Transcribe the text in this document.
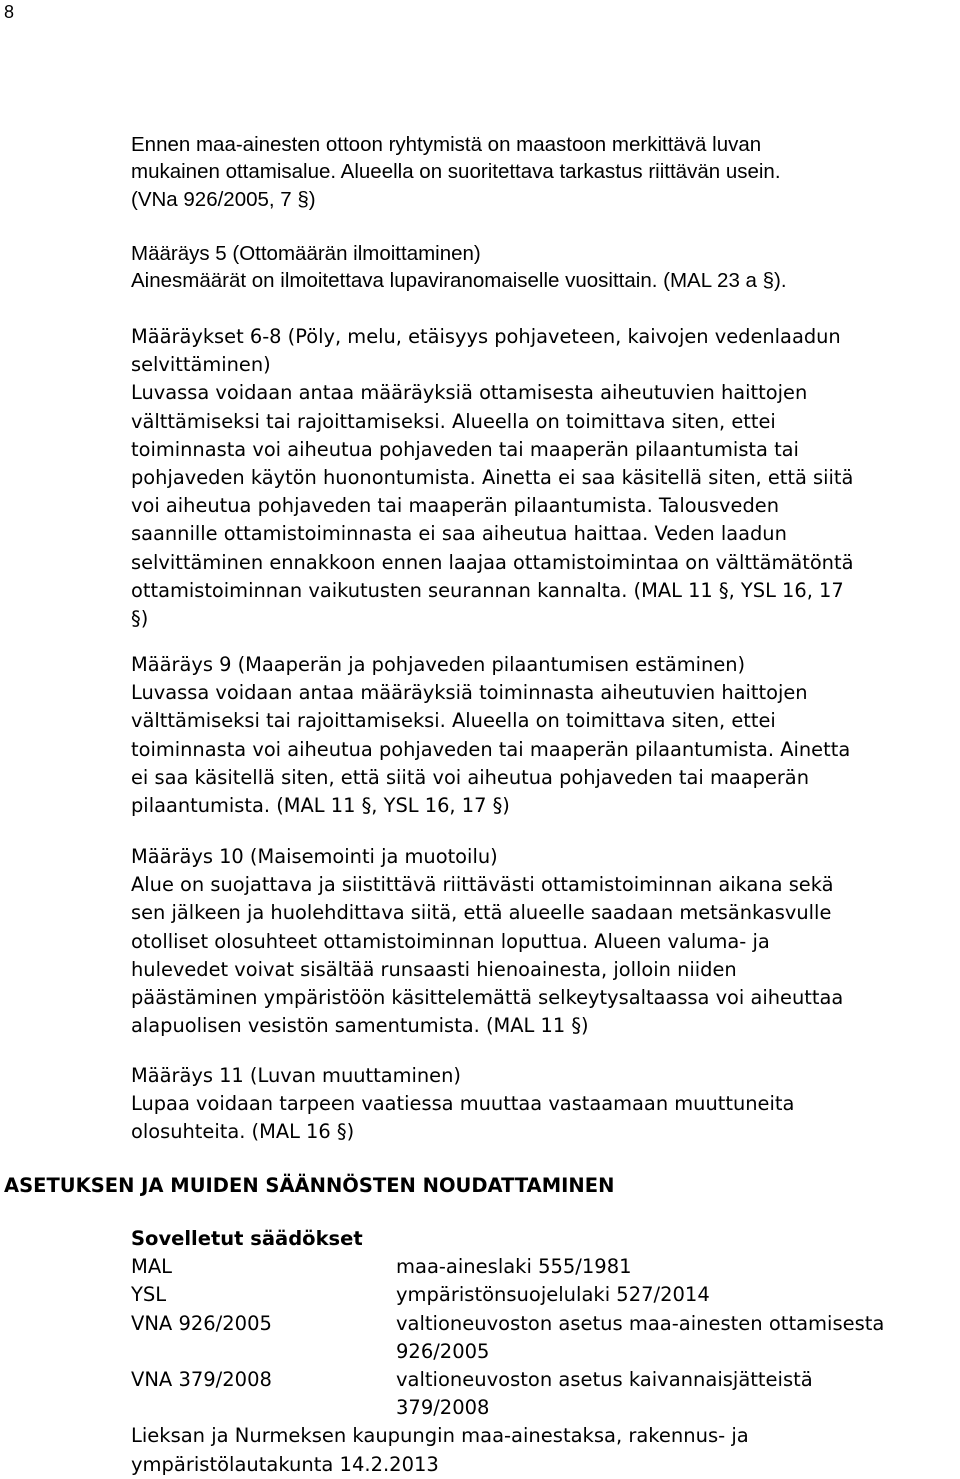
8
Ennen maa-ainesten ottoon ryhtymistä on maastoon merkittävä luvan
mukainen ottamisalue. Alueella on suoritettava tarkastus riittävän usein.
(VNa 926/2005, 7 §)
Määräys 5 (Ottomäärän ilmoittaminen)
Ainesmäärät on ilmoitettava lupaviranomaiselle vuosittain. (MAL 23 a §).
Määräykset 6-8 (Pöly, melu, etäisyys pohjaveteen, kaivojen vedenlaadun
selvittäminen)
Luvassa voidaan antaa määräyksiä ottamisesta aiheutuvien haittojen
välttämiseksi tai rajoittamiseksi. Alueella on toimittava siten, ettei
toiminnasta voi aiheutua pohjaveden tai maaperän pilaantumista tai
pohjaveden käytön huonontumista. Ainetta ei saa käsitellä siten, että siitä
voi aiheutua pohjaveden tai maaperän pilaantumista. Talousveden
saannille ottamistoiminnasta ei saa aiheutua haittaa. Veden laadun
selvittäminen ennakkoon ennen laajaa ottamistoimintaa on välttämätöntä
ottamistoiminnan vaikutusten seurannan kannalta. (MAL 11 §, YSL 16, 17
§)
Määräys 9 (Maaperän ja pohjaveden pilaantumisen estäminen)
Luvassa voidaan antaa määräyksiä toiminnasta aiheutuvien haittojen
välttämiseksi tai rajoittamiseksi. Alueella on toimittava siten, ettei
toiminnasta voi aiheutua pohjaveden tai maaperän pilaantumista. Ainetta
ei saa käsitellä siten, että siitä voi aiheutua pohjaveden tai maaperän
pilaantumista. (MAL 11 §, YSL 16, 17 §)
Määräys 10 (Maisemointi ja muotoilu)
Alue on suojattava ja siistittävä riittävästi ottamistoiminnan aikana sekä
sen jälkeen ja huolehdittava siitä, että alueelle saadaan metsänkasvulle
otolliset olosuhteet ottamistoiminnan loputtua. Alueen valuma- ja
hulevedet voivat sisältää runsaasti hienoainesta, jolloin niiden
päästäminen ympäristöön käsittelemättä selkeytysaltaassa voi aiheuttaa
alapuolisen vesistön samentumista. (MAL 11 §)
Määräys 11 (Luvan muuttaminen)
Lupaa voidaan tarpeen vaatiessa muuttaa vastaamaan muuttuneita
olosuhteita. (MAL 16 §)
ASETUKSEN JA MUIDEN SÄÄNNÖSTEN NOUDATTAMINEN
Sovelletut säädökset
MAL	maa-aineslaki 555/1981
YSL	ympäristönsuojelulaki 527/2014
VNA 926/2005	valtioneuvoston asetus maa-ainesten ottamisesta
926/2005
VNA 379/2008	valtioneuvoston asetus kaivannaisjätteistä
379/2008
Lieksan ja Nurmeksen kaupungin maa-ainestaksa, rakennus- ja
ympäristölautakunta 14.2.2013
